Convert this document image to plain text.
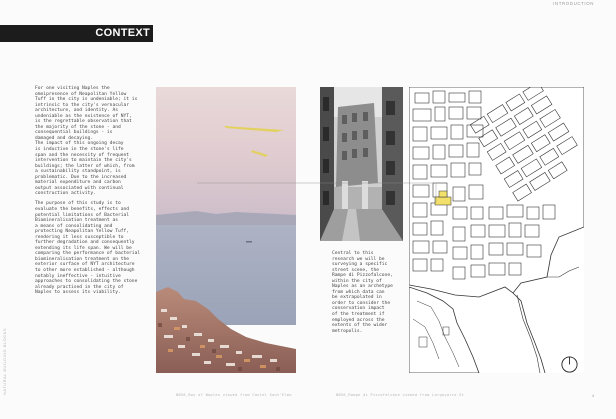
INTRODUCTION
CONTEXT

For one visiting Naples the
omnipresence of Neapolitan Yellow
Tuff in the city is undeniable; it is
intrinsic to the city's vernacular
architecture, and identity. As
undeniable as the existence of NYT,
is the regrettable observation that
the majority of the stone - and
consequential buildings - is
damaged and decaying.
The impact of this ongoing decay
is inductive in the stone's life
span and the necessity of frequent
intervention to maintain the city's
buildings; the latter of which, from
a sustainability standpoint, is
problematic. Due to the increased
material expenditure and carbon
output associated with continual
construction activity.

The purpose of this study is to
evaluate the benefits, effects and
potential limitations of Bacterial
Biomineralisation treatment as
a means of consolidating and
protecting Neapolitan Yellow Tuff,
rendering it less susceptible to
further degradation and consequently
extending its life span. We will be
comparing the performance of bacterial
biomineralisation treatment on the
exterior surface of NYT architecture
to other more established - although
notably ineffective - intuitive
approaches to consolidating the stone
already practised in the city of
Naples to assess its viability.

NATURAL BUILDING BLOCKS
Central to this
research we will be
surveying a specific
street scene, the
Rampe di Pizzofalcone,
within the city of
Naples as an archetype
from which data can
be extrapolated in
order to consider the
conservation impact
of the treatment if
employed across the
extents of the wider
metropolis.
NB56_Bay of Naples viewed from Castel Sant'Elmo	NB56_Rampe di Pizzofalcone viewed from Largovarro St	4
